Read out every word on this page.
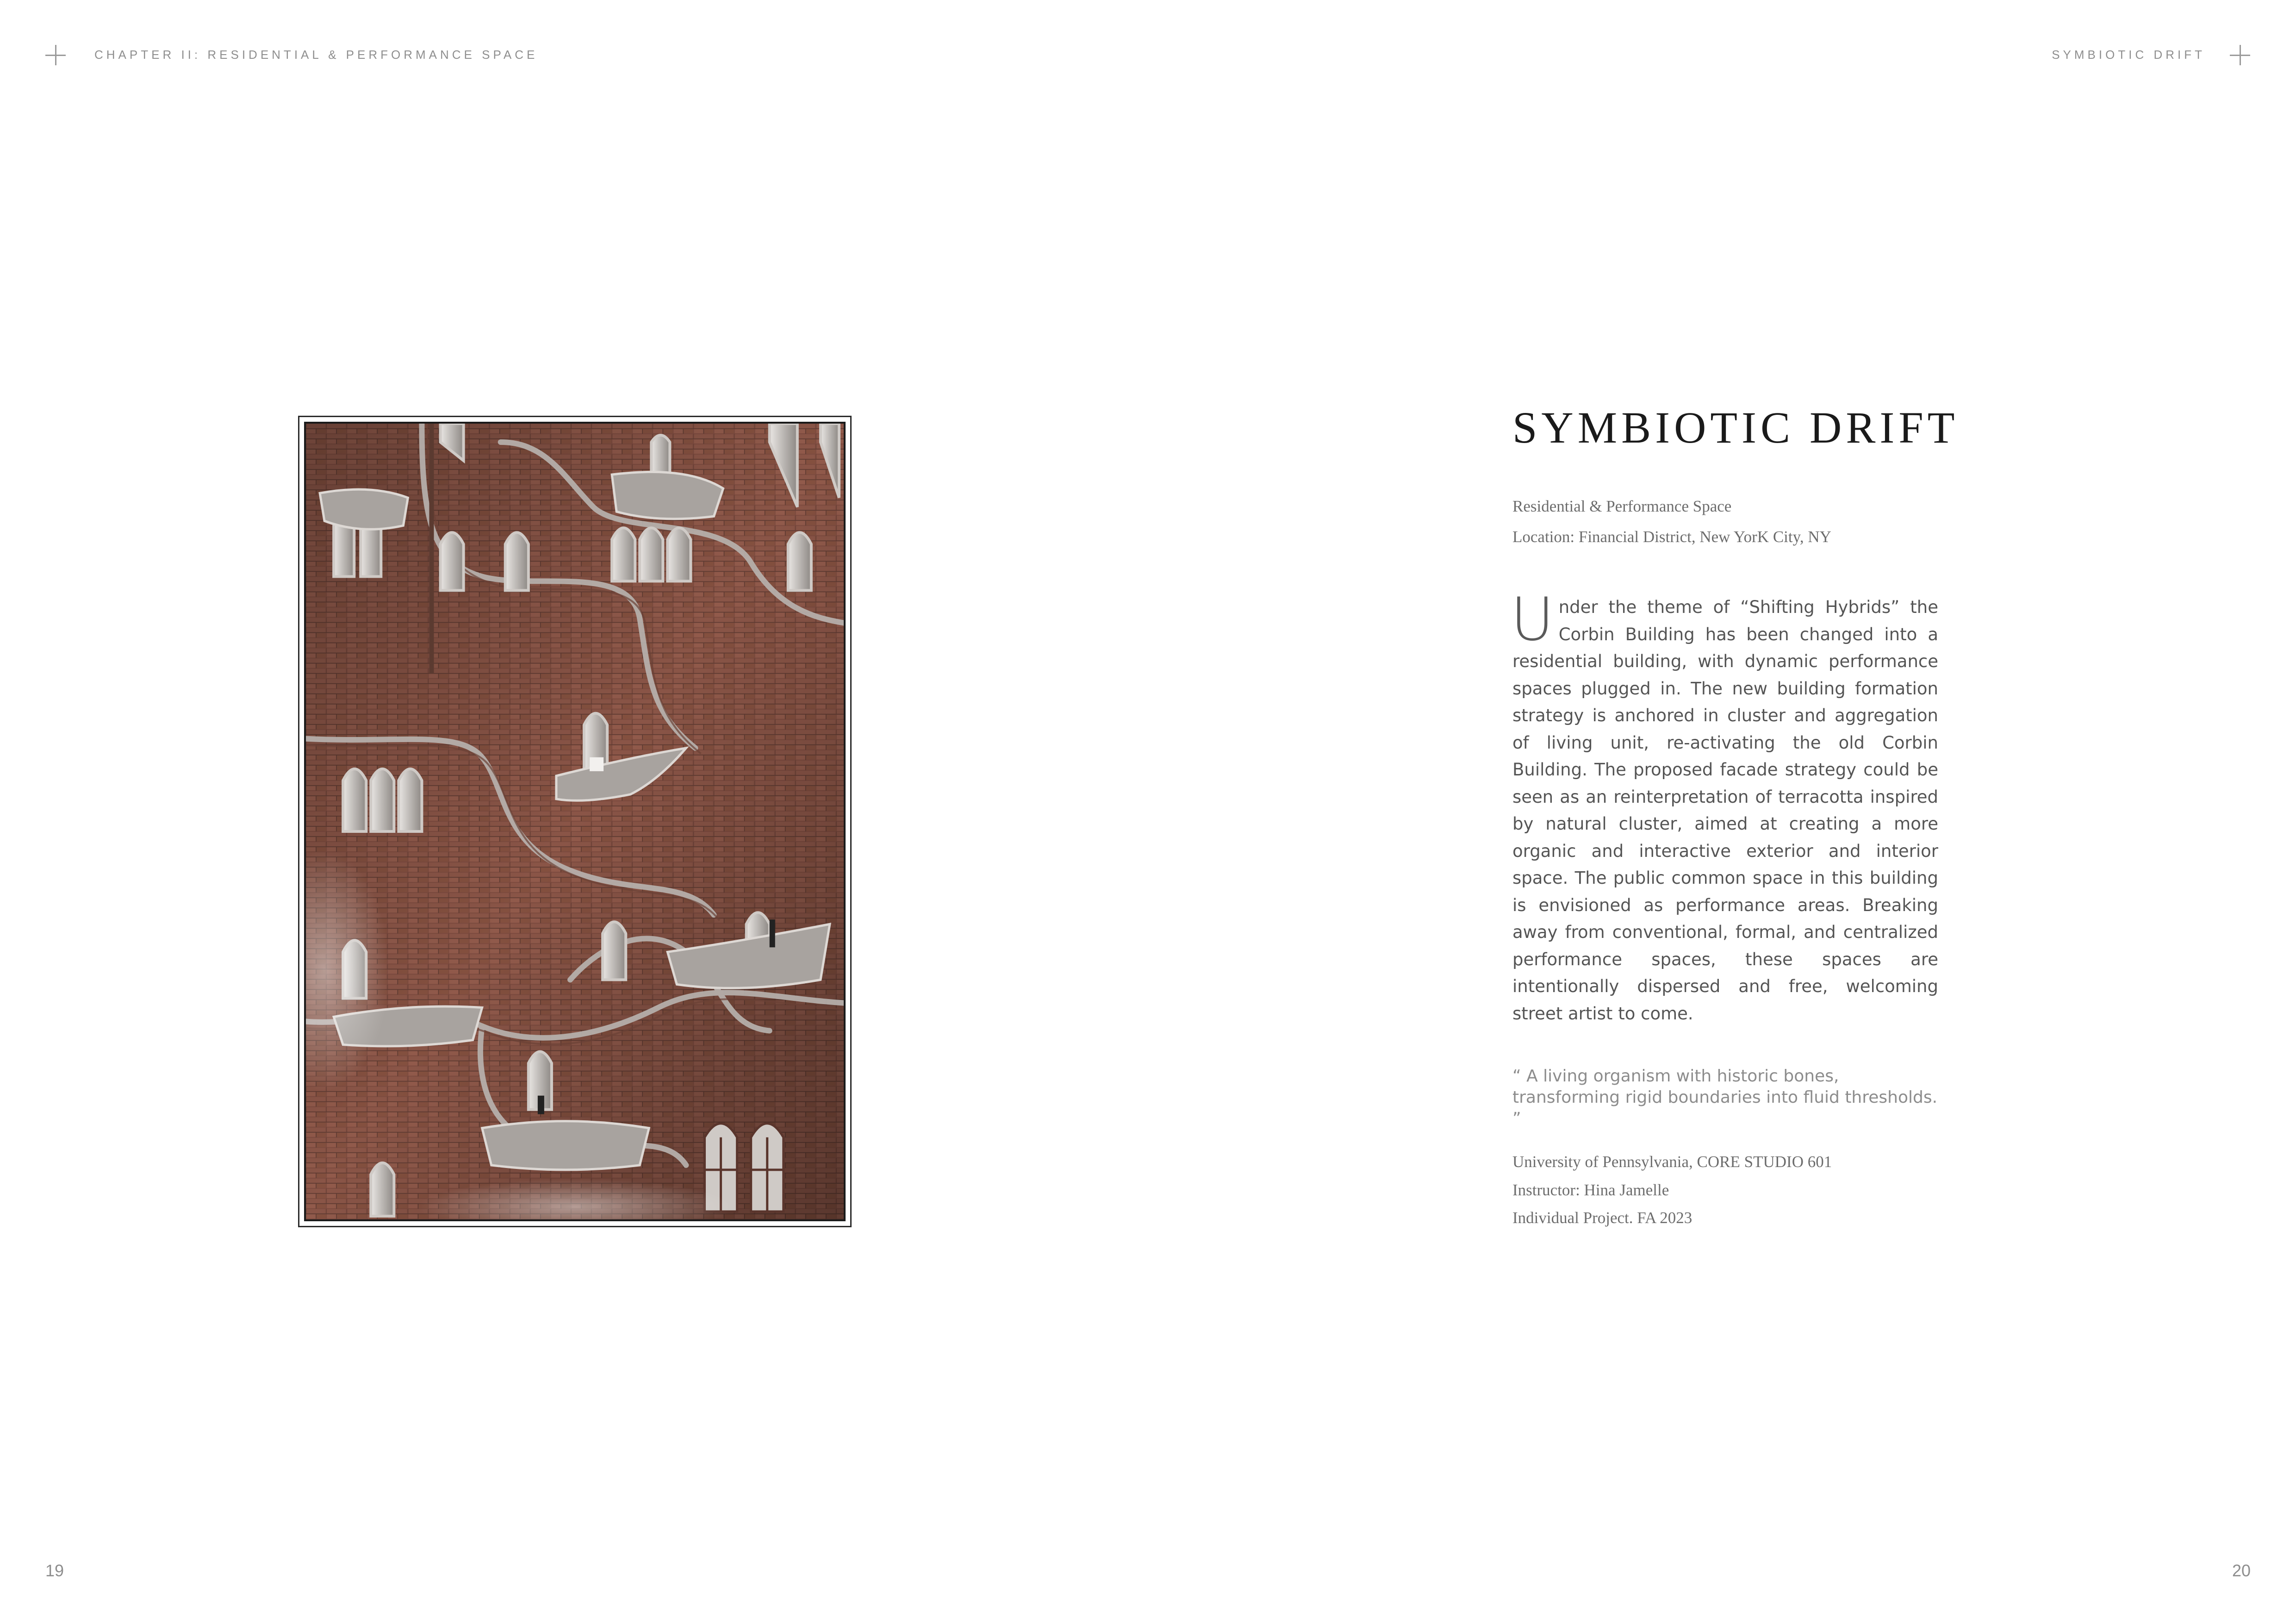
CHAPTER II: RESIDENTIAL & PERFORMANCE SPACE	SYMBIOTIC DRIFT
SYMBIOTIC DRIFT
Residential & Performance Space
Location: Financial District, New YorK City, NY
U nder the theme of “Shifting Hybrids” the Corbin Building has been changed into a residential building, with dynamic performance spaces plugged in. The new building formation strategy is anchored in cluster and aggregation of living unit, re-activating the old Corbin Building. The proposed facade strategy could be seen as an reinterpretation of terracotta inspired by natural cluster, aimed at creating a more organic and interactive exterior and interior space. The public common space in this building is envisioned as performance areas. Breaking away from conventional, formal, and centralized performance spaces, these spaces are intentionally dispersed and free, welcoming street artist to come.
“ A living organism with historic bones, transforming rigid boundaries into fluid thresholds. ”
University of Pennsylvania, CORE STUDIO 601
Instructor: Hina Jamelle
Individual Project. FA 2023
19	20
